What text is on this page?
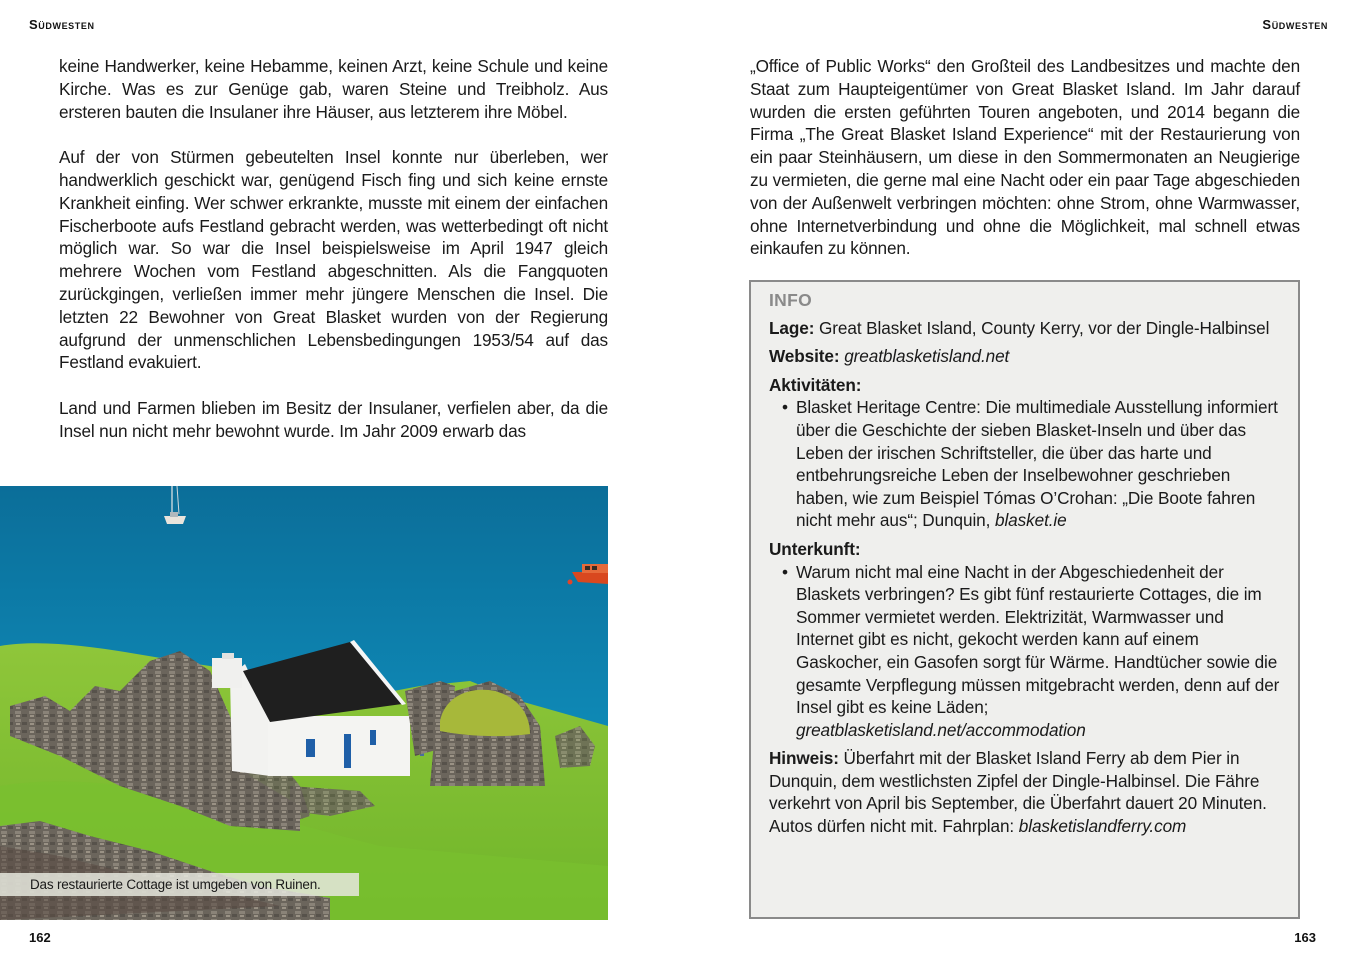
Südwesten	Südwesten

keine Handwerker, keine Hebamme, keinen Arzt, keine Schule und keine Kirche. Was es zur Genüge gab, waren Steine und Treibholz. Aus ersteren bauten die Insulaner ihre Häuser, aus letzterem ihre Möbel.

Auf der von Stürmen gebeutelten Insel konnte nur überleben, wer handwerklich geschickt war, genügend Fisch fing und sich keine ernste Krankheit einfing. Wer schwer erkrankte, musste mit einem der einfachen Fischerboote aufs Festland gebracht werden, was wetterbedingt oft nicht möglich war. So war die Insel beispielsweise im April 1947 gleich mehrere Wochen vom Festland abgeschnitten. Als die Fangquoten zurückgingen, verließen immer mehr jüngere Menschen die Insel. Die letzten 22 Bewohner von Great Blasket wurden von der Regierung aufgrund der unmenschlichen Lebensbedingungen 1953/54 auf das Festland evakuiert.

Land und Farmen blieben im Besitz der Insulaner, verfielen aber, da die Insel nun nicht mehr bewohnt wurde. Im Jahr 2009 erwarb das

Das restaurierte Cottage ist umgeben von Ruinen.

„Office of Public Works“ den Großteil des Landbesitzes und machte den Staat zum Haupteigentümer von Great Blasket Island. Im Jahr darauf wurden die ersten geführten Touren angeboten, und 2014 begann die Firma „The Great Blasket Island Experience“ mit der Restaurierung von ein paar Steinhäusern, um diese in den Sommermonaten an Neugierige zu vermieten, die gerne mal eine Nacht oder ein paar Tage abgeschieden von der Außenwelt verbringen möchten: ohne Strom, ohne Warmwasser, ohne Internetverbindung und ohne die Möglichkeit, mal schnell etwas einkaufen zu können.

INFO
Lage: Great Blasket Island, County Kerry, vor der Dingle-Halbinsel
Website: greatblasketisland.net
Aktivitäten:
• Blasket Heritage Centre: Die multimediale Ausstellung informiert über die Geschichte der sieben Blasket-Inseln und über das Leben der irischen Schriftsteller, die über das harte und entbehrungsreiche Leben der Inselbewohner geschrieben haben, wie zum Beispiel Tómas O’Crohan: „Die Boote fahren nicht mehr aus“; Dunquin, blasket.ie
Unterkunft:
• Warum nicht mal eine Nacht in der Abgeschiedenheit der Blaskets verbringen? Es gibt fünf restaurierte Cottages, die im Sommer vermietet werden. Elektrizität, Warmwasser und Internet gibt es nicht, gekocht werden kann auf einem Gaskocher, ein Gasofen sorgt für Wärme. Handtücher sowie die gesamte Verpflegung müssen mitgebracht werden, denn auf der Insel gibt es keine Läden; greatblasketisland.net/accommodation
Hinweis: Überfahrt mit der Blasket Island Ferry ab dem Pier in Dunquin, dem westlichsten Zipfel der Dingle-Halbinsel. Die Fähre verkehrt von April bis September, die Überfahrt dauert 20 Minuten. Autos dürfen nicht mit. Fahrplan: blasketislandferry.com
162	163
